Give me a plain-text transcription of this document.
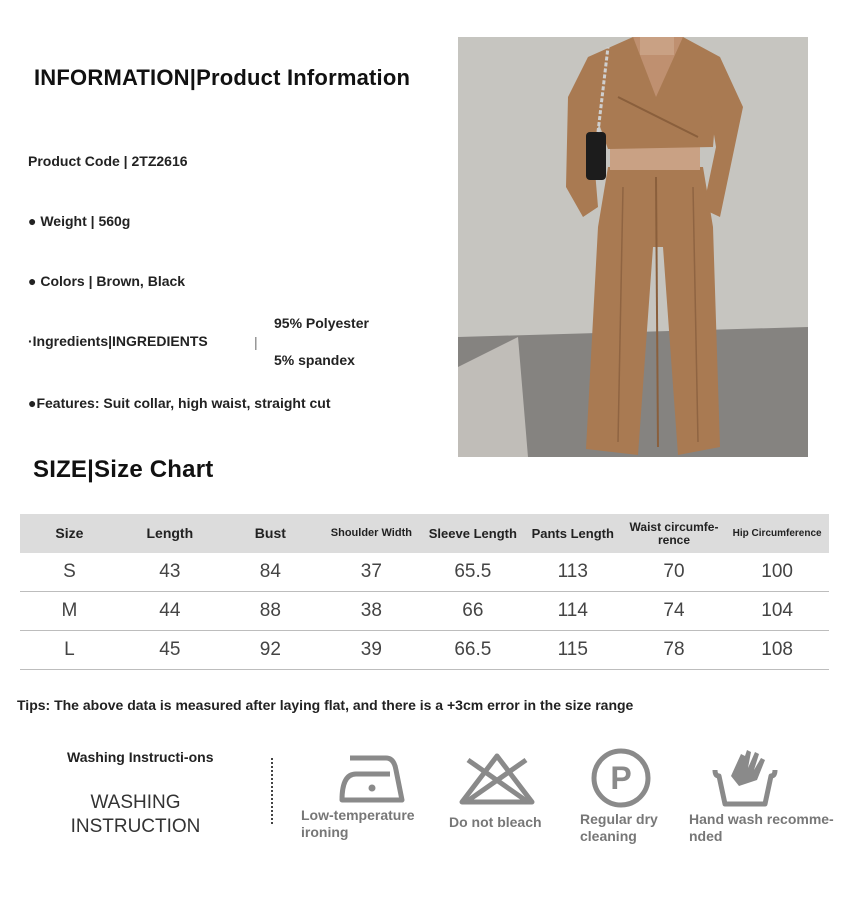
INFORMATION|Product Information
Product Code | 2TZ2616
● Weight | 560g
● Colors | Brown, Black
·Ingredients|INGREDIENTS	|
95% Polyester
5% spandex
●Features: Suit collar, high waist, straight cut
SIZE|Size Chart
Size	Length	Bust	Shoulder Width	Sleeve Length	Pants Length	Waist circumfe-rence	Hip Circumference
S	43	84	37	65.5	113	70	100
M	44	88	38	66	114	74	104
L	45	92	39	66.5	115	78	108
Tips: The above data is measured after laying flat, and there is a +3cm error in the size range
Washing Instructi-ons
WASHING
INSTRUCTION
Low-temperature
ironing
Do not bleach
P
Regular dry
cleaning
Hand wash recomme-
nded
